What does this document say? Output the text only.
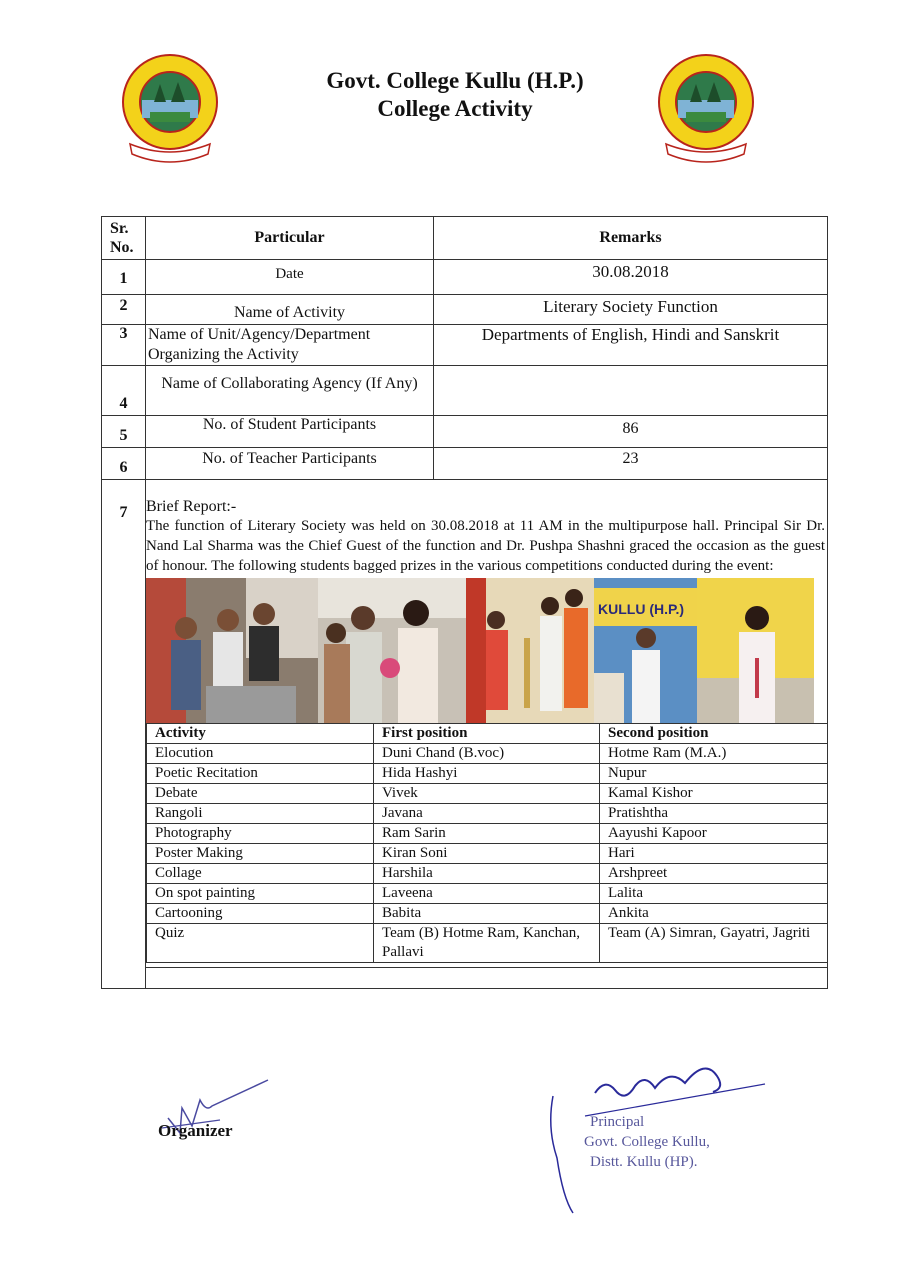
Govt. College Kullu (H.P.)
College Activity
Sr. No.	Particular	Remarks
1	Date	30.08.2018
2	Name of Activity	Literary Society Function
3	Name of Unit/Agency/Department Organizing the Activity	Departments of English, Hindi and Sanskrit
4	Name of Collaborating Agency (If Any)	
5	No. of Student Participants	86
6	No. of Teacher Participants	23
7	Brief Report:-
The function of Literary Society was held on 30.08.2018 at 11 AM in the multipurpose hall. Principal Sir Dr. Nand Lal Sharma was the Chief Guest of the function and Dr. Pushpa Shashni graced the occasion as the guest of honour. The following students bagged prizes in the various competitions conducted during the event:
KULLU (H.P.)
Activity	First position	Second position
Elocution	Duni Chand (B.voc)	Hotme Ram (M.A.)
Poetic Recitation	Hida Hashyi	Nupur
Debate	Vivek	Kamal Kishor
Rangoli	Javana	Pratishtha
Photography	Ram Sarin	Aayushi Kapoor
Poster Making	Kiran Soni	Hari
Collage	Harshila	Arshpreet
On spot painting	Laveena	Lalita
Cartooning	Babita	Ankita
Quiz	Team (B) Hotme Ram, Kanchan, Pallavi	Team (A) Simran, Gayatri, Jagriti
Organizer	Principal
Govt. College Kullu,
Distt. Kullu (HP).
